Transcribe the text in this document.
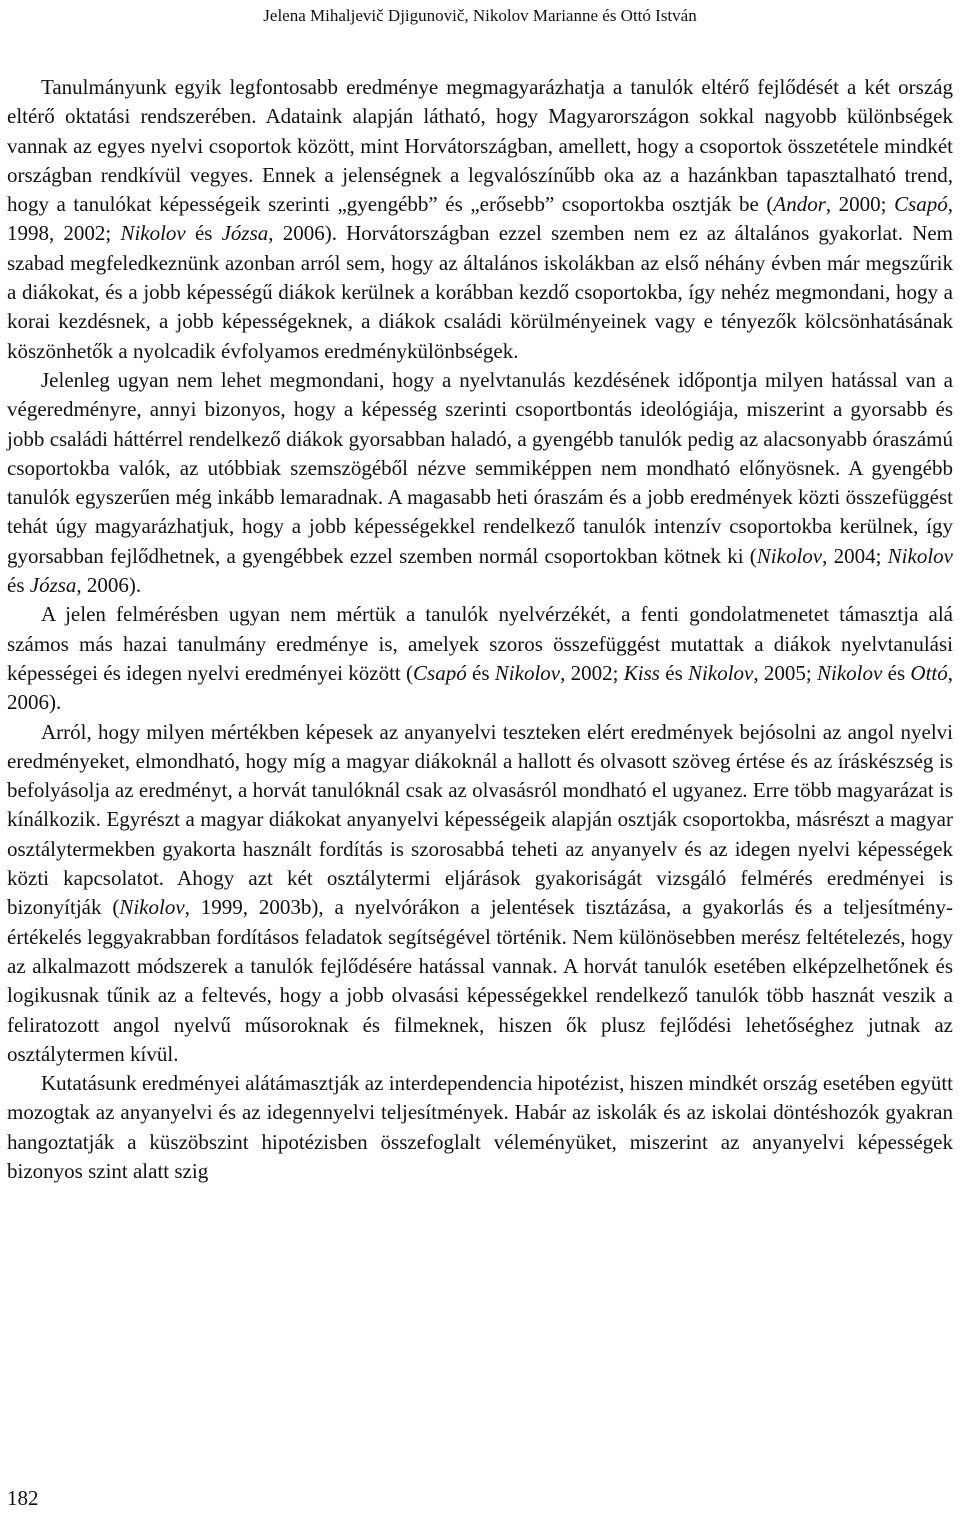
Jelena Mihaljevič Djigunovič, Nikolov Marianne és Ottó István

Tanulmányunk egyik legfontosabb eredménye megmagyarázhatja a tanulók eltérő fejlődését a két ország eltérő oktatási rendszerében. Adataink alapján látható, hogy Magyarországon sokkal nagyobb különbségek vannak az egyes nyelvi csoportok között, mint Horvátországban, amellett, hogy a csoportok összetétele mindkét országban rendkívül vegyes. Ennek a jelenségnek a legvalószínűbb oka az a hazánkban tapasztalható trend, hogy a tanulókat képességeik szerinti „gyengébb” és „erősebb” csoportokba osztják be (Andor, 2000; Csapó, 1998, 2002; Nikolov és Józsa, 2006). Horvátországban ezzel szemben nem ez az általános gyakorlat. Nem szabad megfeledkeznünk azonban arról sem, hogy az általános iskolákban az első néhány évben már megszűrik a diákokat, és a jobb képességű diákok kerülnek a korábban kezdő csoportokba, így nehéz megmondani, hogy a korai kezdésnek, a jobb képességeknek, a diákok családi körülményeinek vagy e tényezők kölcsönhatásának köszönhetők a nyolcadik évfolyamos eredménykülönbségek.

Jelenleg ugyan nem lehet megmondani, hogy a nyelvtanulás kezdésének időpontja milyen hatással van a végeredményre, annyi bizonyos, hogy a képesség szerinti csoportbontás ideológiája, miszerint a gyorsabb és jobb családi háttérrel rendelkező diákok gyorsabban haladó, a gyengébb tanulók pedig az alacsonyabb óraszámú csoportokba valók, az utóbbiak szemszögéből nézve semmiképpen nem mondható előnyösnek. A gyengébb tanulók egyszerűen még inkább lemaradnak. A magasabb heti óraszám és a jobb eredmények közti összefüggést tehát úgy magyarázhatjuk, hogy a jobb képességekkel rendelkező tanulók intenzív csoportokba kerülnek, így gyorsabban fejlődhetnek, a gyengébbek ezzel szemben normál csoportokban kötnek ki (Nikolov, 2004; Nikolov és Józsa, 2006).

A jelen felmérésben ugyan nem mértük a tanulók nyelvérzékét, a fenti gondolatmenetet támasztja alá számos más hazai tanulmány eredménye is, amelyek szoros összefüggést mutattak a diákok nyelvtanulási képességei és idegen nyelvi eredményei között (Csapó és Nikolov, 2002; Kiss és Nikolov, 2005; Nikolov és Ottó, 2006).

Arról, hogy milyen mértékben képesek az anyanyelvi teszteken elért eredmények bejósolni az angol nyelvi eredményeket, elmondható, hogy míg a magyar diákoknál a hallott és olvasott szöveg értése és az íráskészség is befolyásolja az eredményt, a horvát tanulóknál csak az olvasásról mondható el ugyanez. Erre több magyarázat is kínálkozik. Egyrészt a magyar diákokat anyanyelvi képességeik alapján osztják csoportokba, másrészt a magyar osztálytermekben gyakorta használt fordítás is szorosabbá teheti az anyanyelv és az idegen nyelvi képességek közti kapcsolatot. Ahogy azt két osztálytermi eljárások gyakoriságát vizsgáló felmérés eredményei is bizonyítják (Nikolov, 1999, 2003b), a nyelvórákon a jelentések tisztázása, a gyakorlás és a teljesítmény-értékelés leggyakrabban fordításos feladatok segítségével történik. Nem különösebben merész feltételezés, hogy az alkalmazott módszerek a tanulók fejlődésére hatással vannak. A horvát tanulók esetében elképzelhetőnek és logikusnak tűnik az a feltevés, hogy a jobb olvasási képességekkel rendelkező tanulók több hasznát veszik a feliratozott angol nyelvű műsoroknak és filmeknek, hiszen ők plusz fejlődési lehetőséghez jutnak az osztálytermen kívül.

Kutatásunk eredményei alátámasztják az interdependencia hipotézist, hiszen mindkét ország esetében együtt mozogtak az anyanyelvi és az idegennyelvi teljesítmények. Habár az iskolák és az iskolai döntéshozók gyakran hangoztatják a küszöbszint hipotézisben összefoglalt véleményüket, miszerint az anyanyelvi képességek bizonyos szint alatt szig

182
